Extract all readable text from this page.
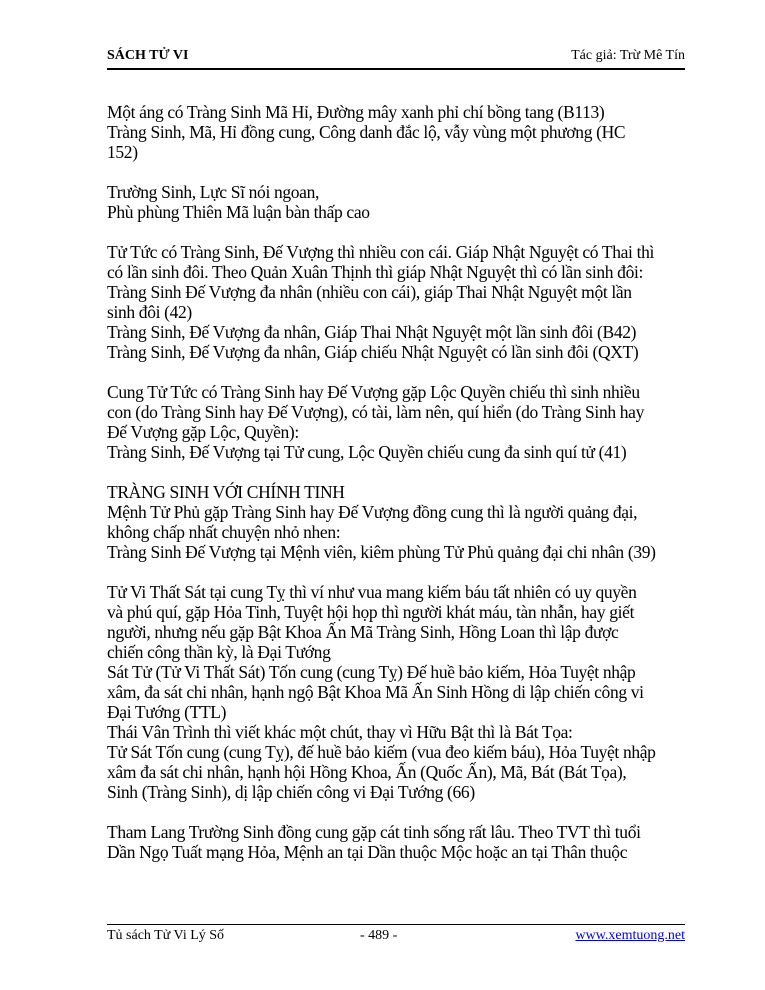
SÁCH TỬ VI	Tác giả: Trừ Mê Tín
Một áng có Tràng Sinh Mã Hỉ, Đường mây xanh phỉ chí bồng tang (B113)
Tràng Sinh, Mã, Hỉ đồng cung, Công danh đắc lộ, vẫy vùng một phương (HC
152)
Trường Sinh, Lực Sĩ nói ngoan,
Phù phùng Thiên Mã luận bàn thấp cao
Tử Tức có Tràng Sinh, Đế Vượng thì nhiều con cái. Giáp Nhật Nguyệt có Thai thì
có lần sinh đôi. Theo Quản Xuân Thịnh thì giáp Nhật Nguyệt thì có lần sinh đôi:
Tràng Sinh Đế Vượng đa nhân (nhiều con cái), giáp Thai Nhật Nguyệt một lần
sinh đôi (42)
Tràng Sinh, Đế Vượng đa nhân, Giáp Thai Nhật Nguyệt một lần sinh đôi (B42)
Tràng Sinh, Đế Vượng đa nhân, Giáp chiếu Nhật Nguyệt có lần sinh đôi (QXT)
Cung Tử Tức có Tràng Sinh hay Đế Vượng gặp Lộc Quyền chiếu thì sinh nhiều
con (do Tràng Sinh hay Đế Vượng), có tài, làm nên, quí hiển (do Tràng Sinh hay
Đế Vượng gặp Lộc, Quyền):
Tràng Sinh, Đế Vượng tại Tử cung, Lộc Quyền chiếu cung đa sinh quí tử (41)
TRÀNG SINH VỚI CHÍNH TINH
Mệnh Tử Phủ gặp Tràng Sinh hay Đế Vượng đồng cung thì là người quảng đại,
không chấp nhất chuyện nhỏ nhen:
Tràng Sinh Đế Vượng tại Mệnh viên, kiêm phùng Tử Phủ quảng đại chi nhân (39)
Tử Vi Thất Sát tại cung Tỵ thì ví như vua mang kiếm báu tất nhiên có uy quyền
và phú quí, gặp Hỏa Tinh, Tuyệt hội họp thì người khát máu, tàn nhẫn, hay giết
người, nhưng nếu gặp Bật Khoa Ấn Mã Tràng Sinh, Hồng Loan thì lập được
chiến công thần kỳ, là Đại Tướng
Sát Tử (Tử Vi Thất Sát) Tốn cung (cung Tỵ) Đế huề bảo kiếm, Hỏa Tuyệt nhập
xâm, đa sát chi nhân, hạnh ngộ Bật Khoa Mã Ấn Sinh Hồng di lập chiến công vi
Đại Tướng (TTL)
Thái Vân Trình thì viết khác một chút, thay vì Hữu Bật thì là Bát Tọa:
Tử Sát Tốn cung (cung Tỵ), đế huề bảo kiếm (vua đeo kiếm báu), Hỏa Tuyệt nhập
xâm đa sát chi nhân, hạnh hội Hồng Khoa, Ấn (Quốc Ấn), Mã, Bát (Bát Tọa),
Sinh (Tràng Sinh), dị lập chiến công vi Đại Tướng (66)
Tham Lang Trường Sinh đồng cung gặp cát tinh sống rất lâu. Theo TVT thì tuổi
Dần Ngọ Tuất mạng Hỏa, Mệnh an tại Dần thuộc Mộc hoặc an tại Thân thuộc
Tủ sách Tử Vi Lý Số	- 489 -	www.xemtuong.net
